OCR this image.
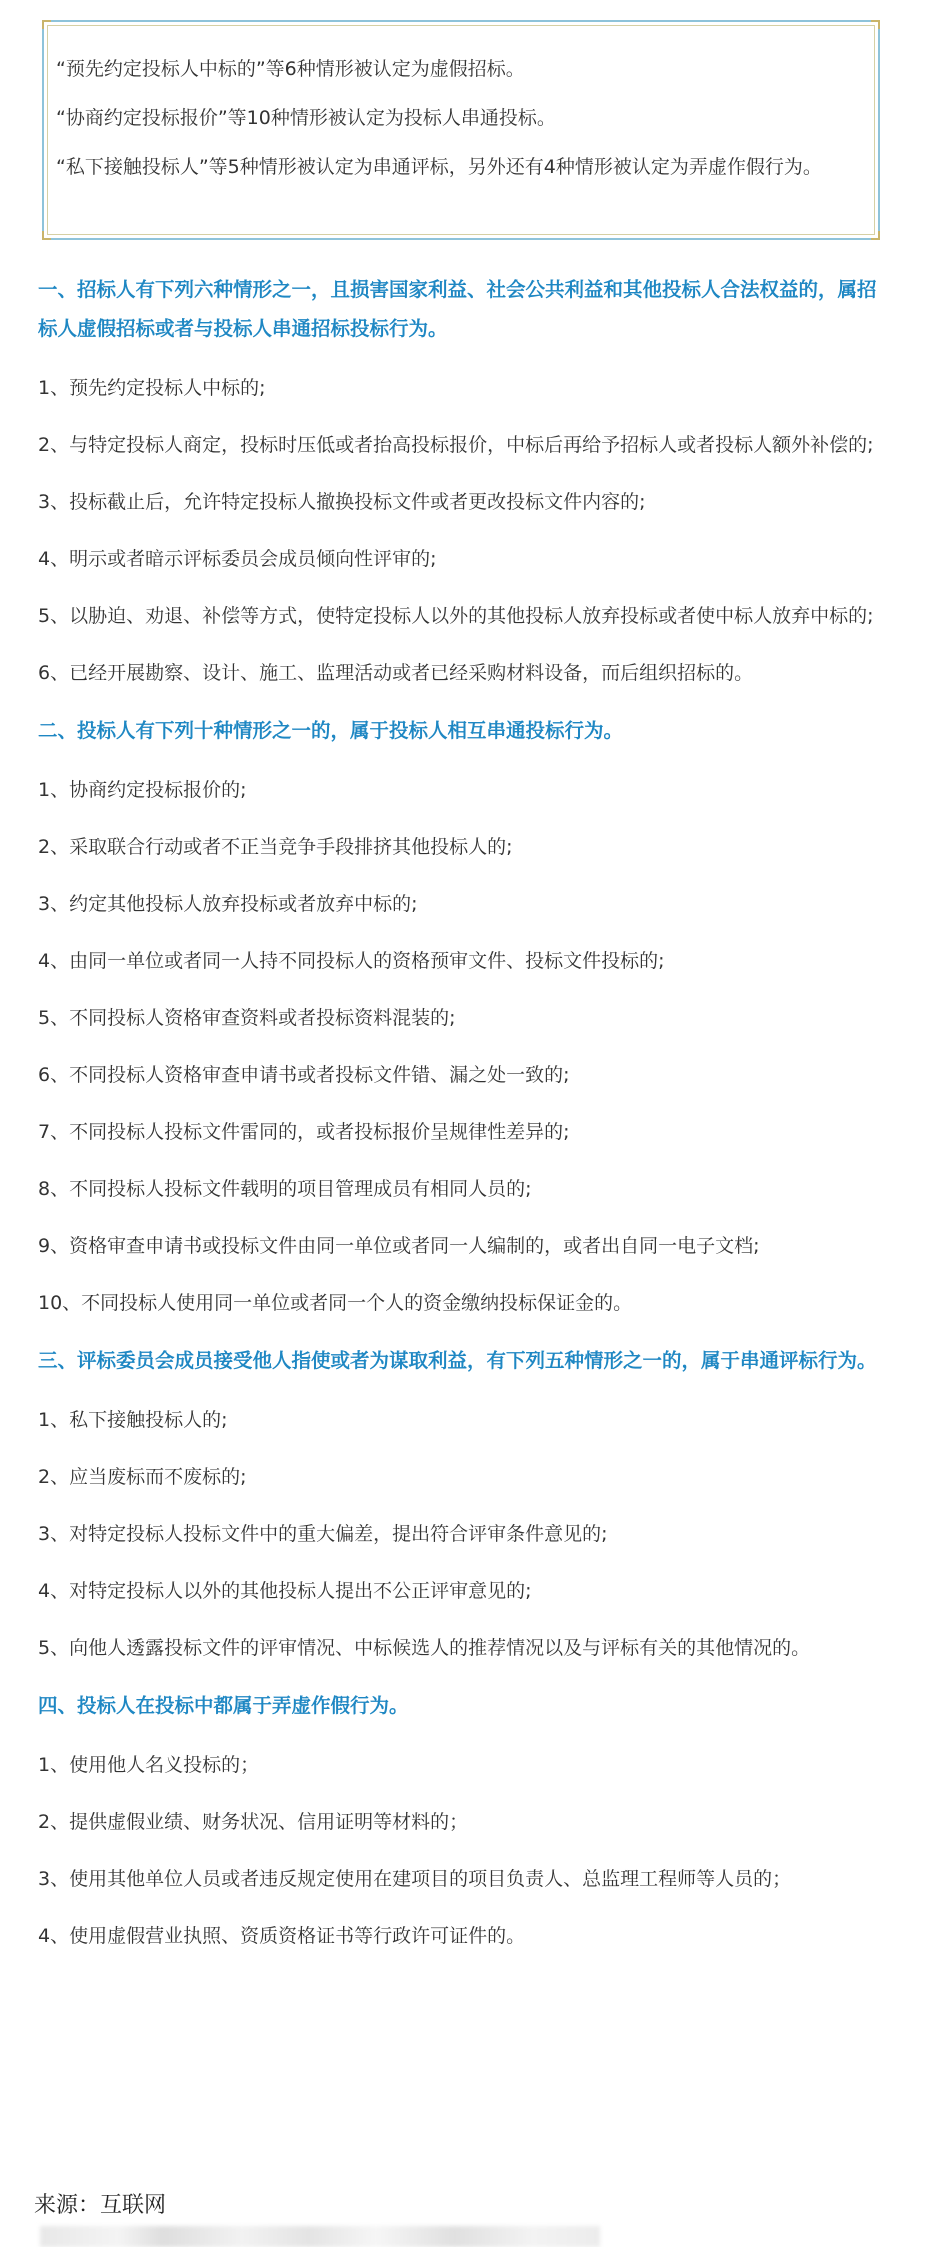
“预先约定投标人中标的”等6种情形被认定为虚假招标。

“协商约定投标报价”等10种情形被认定为投标人串通投标。

“私下接触投标人”等5种情形被认定为串通评标，另外还有4种情形被认定为弄虚作假行为。

一、招标人有下列六种情形之一，且损害国家利益、社会公共利益和其他投标人合法权益的，属招标人虚假招标或者与投标人串通招标投标行为。

1、预先约定投标人中标的;

2、与特定投标人商定，投标时压低或者抬高投标报价，中标后再给予招标人或者投标人额外补偿的;

3、投标截止后，允许特定投标人撤换投标文件或者更改投标文件内容的;

4、明示或者暗示评标委员会成员倾向性评审的;

5、以胁迫、劝退、补偿等方式，使特定投标人以外的其他投标人放弃投标或者使中标人放弃中标的;

6、已经开展勘察、设计、施工、监理活动或者已经采购材料设备，而后组织招标的。

二、投标人有下列十种情形之一的，属于投标人相互串通投标行为。

1、协商约定投标报价的;

2、采取联合行动或者不正当竞争手段排挤其他投标人的;

3、约定其他投标人放弃投标或者放弃中标的;

4、由同一单位或者同一人持不同投标人的资格预审文件、投标文件投标的;

5、不同投标人资格审查资料或者投标资料混装的;

6、不同投标人资格审查申请书或者投标文件错、漏之处一致的;

7、不同投标人投标文件雷同的，或者投标报价呈规律性差异的;

8、不同投标人投标文件载明的项目管理成员有相同人员的;

9、资格审查申请书或投标文件由同一单位或者同一人编制的，或者出自同一电子文档;

10、不同投标人使用同一单位或者同一个人的资金缴纳投标保证金的。

三、评标委员会成员接受他人指使或者为谋取利益，有下列五种情形之一的，属于串通评标行为。

1、私下接触投标人的;

2、应当废标而不废标的;

3、对特定投标人投标文件中的重大偏差，提出符合评审条件意见的;

4、对特定投标人以外的其他投标人提出不公正评审意见的;

5、向他人透露投标文件的评审情况、中标候选人的推荐情况以及与评标有关的其他情况的。

四、投标人在投标中都属于弄虚作假行为。

1、使用他人名义投标的；

2、提供虚假业绩、财务状况、信用证明等材料的；

3、使用其他单位人员或者违反规定使用在建项目的项目负责人、总监理工程师等人员的；

4、使用虚假营业执照、资质资格证书等行政许可证件的。

来源：互联网
